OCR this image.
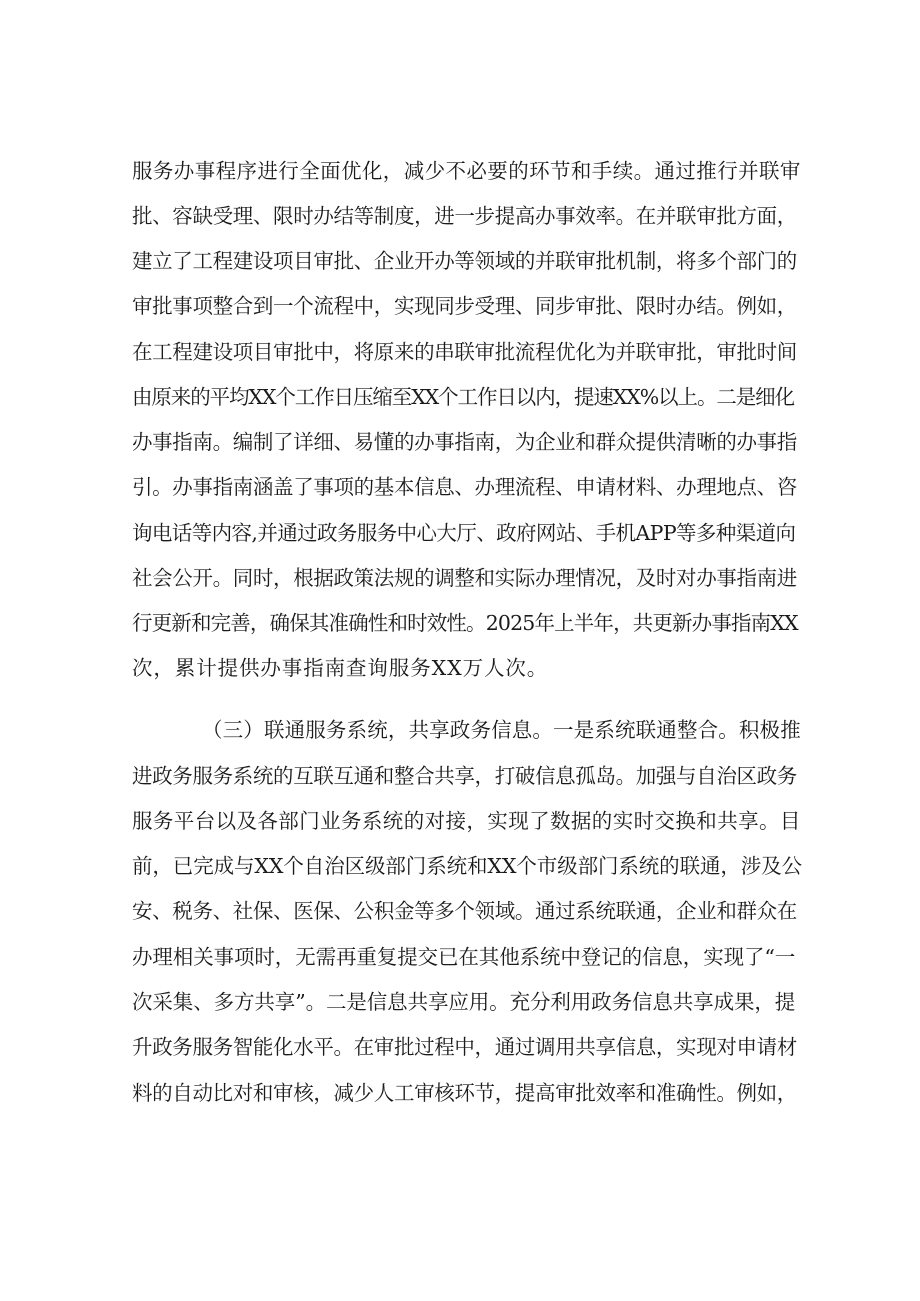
服务办事程序进行全面优化，减少不必要的环节和手续。通过推行并联审
批、容缺受理、限时办结等制度，进一步提高办事效率。在并联审批方面，
建立了工程建设项目审批、企业开办等领域的并联审批机制，将多个部门的
审批事项整合到一个流程中，实现同步受理、同步审批、限时办结。例如，
在工程建设项目审批中，将原来的串联审批流程优化为并联审批，审批时间
由原来的平均XX个工作日压缩至XX个工作日以内，提速XX%以上。二是细化
办事指南。编制了详细、易懂的办事指南，为企业和群众提供清晰的办事指
引。办事指南涵盖了事项的基本信息、办理流程、申请材料、办理地点、咨
询电话等内容,并通过政务服务中心大厅、政府网站、手机APP等多种渠道向
社会公开。同时，根据政策法规的调整和实际办理情况，及时对办事指南进
行更新和完善，确保其准确性和时效性。2025年上半年，共更新办事指南XX
次，累计提供办事指南查询服务XX万人次。
（三）联通服务系统，共享政务信息。一是系统联通整合。积极推
进政务服务系统的互联互通和整合共享，打破信息孤岛。加强与自治区政务
服务平台以及各部门业务系统的对接，实现了数据的实时交换和共享。目
前，已完成与XX个自治区级部门系统和XX个市级部门系统的联通，涉及公
安、税务、社保、医保、公积金等多个领域。通过系统联通，企业和群众在
办理相关事项时，无需再重复提交已在其他系统中登记的信息，实现了“一
次采集、多方共享”。二是信息共享应用。充分利用政务信息共享成果，提
升政务服务智能化水平。在审批过程中，通过调用共享信息，实现对申请材
料的自动比对和审核，减少人工审核环节，提高审批效率和准确性。例如，
